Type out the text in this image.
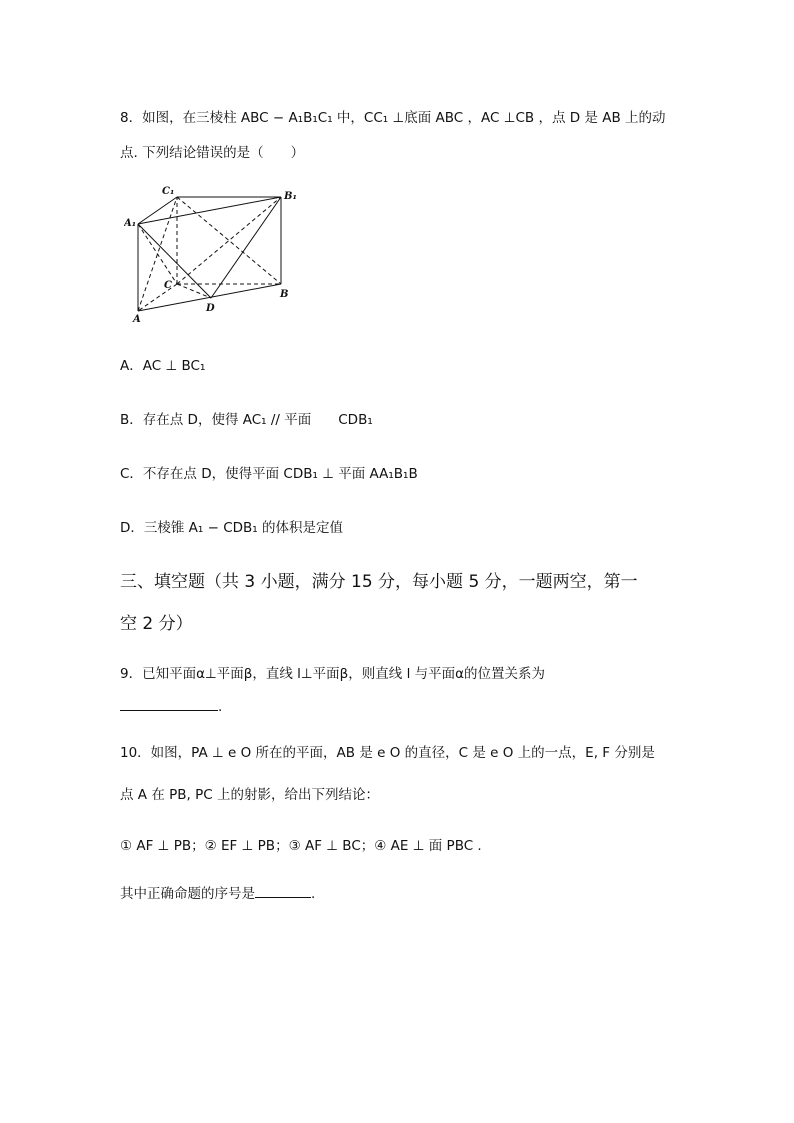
8．如图，在三棱柱 ABC − A₁B₁C₁ 中，CC₁ ⊥底面 ABC ，AC ⊥CB ，点 D 是 AB 上的动
点. 下列结论错误的是（　　）
C₁	B₁
A₁
C
B
A
D
A．AC ⊥ BC₁
B．存在点 D，使得 AC₁ // 平面　　CDB₁
C．不存在点 D，使得平面 CDB₁ ⊥ 平面 AA₁B₁B
D．三棱锥 A₁ − CDB₁ 的体积是定值
三、填空题（共 3 小题，满分 15 分，每小题 5 分，一题两空，第一
空 2 分）
9．已知平面α⊥平面β，直线 l⊥平面β，则直线 l 与平面α的位置关系为
.
10．如图，PA ⊥ e O 所在的平面，AB 是 e O 的直径，C 是 e O 上的一点，E, F 分别是
点 A 在 PB, PC 上的射影，给出下列结论：
① AF ⊥ PB；② EF ⊥ PB；③ AF ⊥ BC；④ AE ⊥ 面 PBC .
其中正确命题的序号是	.
